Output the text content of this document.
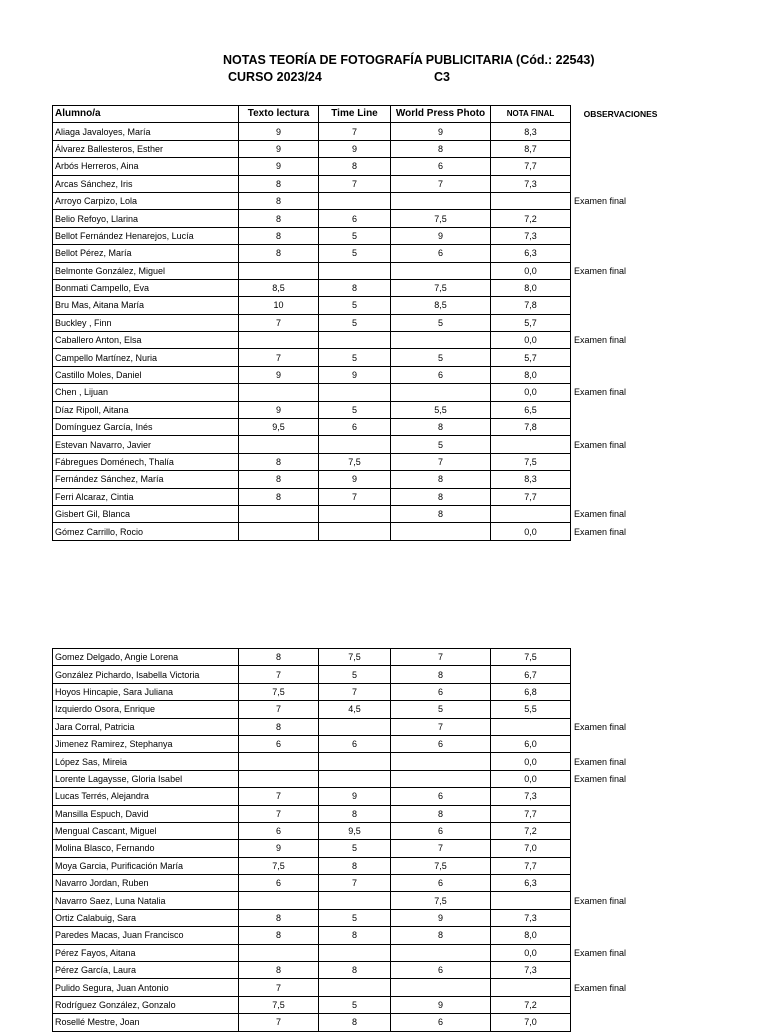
NOTAS TEORÍA DE FOTOGRAFÍA PUBLICITARIA (Cód.: 22543)
CURSO 2023/24	C3
Alumno/a	Texto lectura	Time Line	World Press Photo	NOTA FINAL	OBSERVACIONES
Aliaga Javaloyes, María	9	7	9	8,3	
Álvarez Ballesteros, Esther	9	9	8	8,7	
Arbós Herreros, Aina	9	8	6	7,7	
Arcas Sánchez, Iris	8	7	7	7,3	
Arroyo Carpizo, Lola	8				Examen final
Belio Refoyo, Llarina	8	6	7,5	7,2	
Bellot Fernández Henarejos, Lucía	8	5	9	7,3	
Bellot Pérez, María	8	5	6	6,3	
Belmonte González, Miguel				0,0	Examen final
Bonmati Campello, Eva	8,5	8	7,5	8,0	
Bru Mas, Aitana María	10	5	8,5	7,8	
Buckley , Finn	7	5	5	5,7	
Caballero Anton, Elsa				0,0	Examen final
Campello Martínez, Nuria	7	5	5	5,7	
Castillo Moles, Daniel	9	9	6	8,0	
Chen , Lijuan				0,0	Examen final
Díaz Ripoll, Aitana	9	5	5,5	6,5	
Domínguez García, Inés	9,5	6	8	7,8	
Estevan Navarro, Javier			5		Examen final
Fábregues Doménech, Thalía	8	7,5	7	7,5	
Fernández Sánchez, María	8	9	8	8,3	
Ferri Alcaraz, Cintia	8	7	8	7,7	
Gisbert Gil, Blanca			8		Examen final
Gómez Carrillo, Rocio				0,0	Examen final
Gomez Delgado, Angie Lorena	8	7,5	7	7,5	
González Pichardo, Isabella Victoria	7	5	8	6,7	
Hoyos Hincapie, Sara Juliana	7,5	7	6	6,8	
Izquierdo Osora, Enrique	7	4,5	5	5,5	
Jara Corral, Patricia	8		7		Examen final
Jimenez Ramirez, Stephanya	6	6	6	6,0	
López Sas, Mireia				0,0	Examen final
Lorente Lagaysse, Gloria Isabel				0,0	Examen final
Lucas Terrés, Alejandra	7	9	6	7,3	
Mansilla Espuch, David	7	8	8	7,7	
Mengual Cascant, Miguel	6	9,5	6	7,2	
Molina Blasco, Fernando	9	5	7	7,0	
Moya Garcia, Purificación María	7,5	8	7,5	7,7	
Navarro Jordan, Ruben	6	7	6	6,3	
Navarro Saez, Luna Natalia			7,5		Examen final
Ortiz Calabuig, Sara	8	5	9	7,3	
Paredes Macas, Juan Francisco	8	8	8	8,0	
Pérez Fayos, Aitana				0,0	Examen final
Pérez García, Laura	8	8	6	7,3	
Pulido Segura, Juan Antonio	7				Examen final
Rodríguez González, Gonzalo	7,5	5	9	7,2	
Rosellé Mestre, Joan	7	8	6	7,0	
